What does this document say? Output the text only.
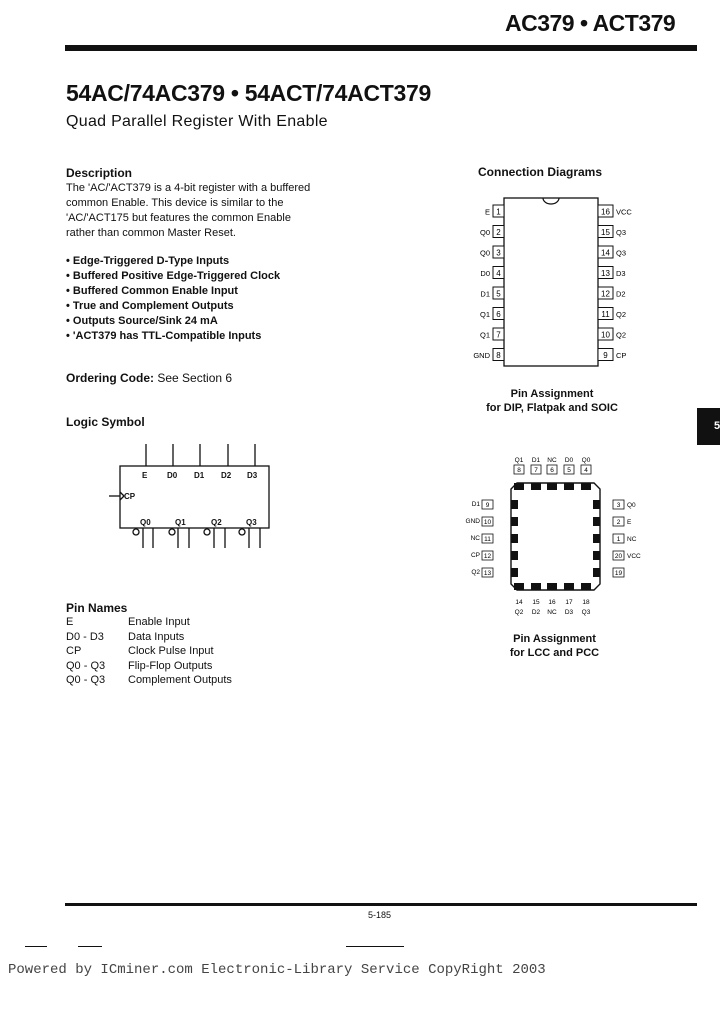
AC379 • ACT379
54AC/74AC379 • 54ACT/74ACT379
Quad Parallel Register With Enable
Description
The 'AC/'ACT379 is a 4-bit register with a buffered
common Enable. This device is similar to the
'AC/'ACT175 but features the common Enable
rather than common Master Reset.
• Edge-Triggered D-Type Inputs
• Buffered Positive Edge-Triggered Clock
• Buffered Common Enable Input
• True and Complement Outputs
• Outputs Source/Sink 24 mA
• 'ACT379 has TTL-Compatible Inputs
Ordering Code: See Section 6
Logic Symbol
E D0 D1 D2 D3
CP
Q0	Q1	Q2	Q3
Pin Names
E	Enable Input
D0 - D3	Data Inputs
CP	Clock Pulse Input
Q0 - Q3	Flip-Flop Outputs
Q0 - Q3	Complement Outputs
Connection Diagrams
1
E
2
Q0
3
Q0
4
D0
5
D1
6
Q1
7
Q1
8
GND
16 VCC
15 Q3
14 Q3
13 D3
12 D2
11 Q2
10 Q2
9 CP
Pin Assignment
for DIP, Flatpak and SOIC
Q1
8
D1
7
NC
6
D0
5
Q0
4
14
Q2
15
D2
16
NC
17
D3
18
Q3
D1 9
GND 10
NC 11
CP 12
Q2 13
3 Q0
2 E
1 NC
20 VCC
19
Pin Assignment
for LCC and PCC
5
5-185
Powered by ICminer.com Electronic-Library Service CopyRight 2003
